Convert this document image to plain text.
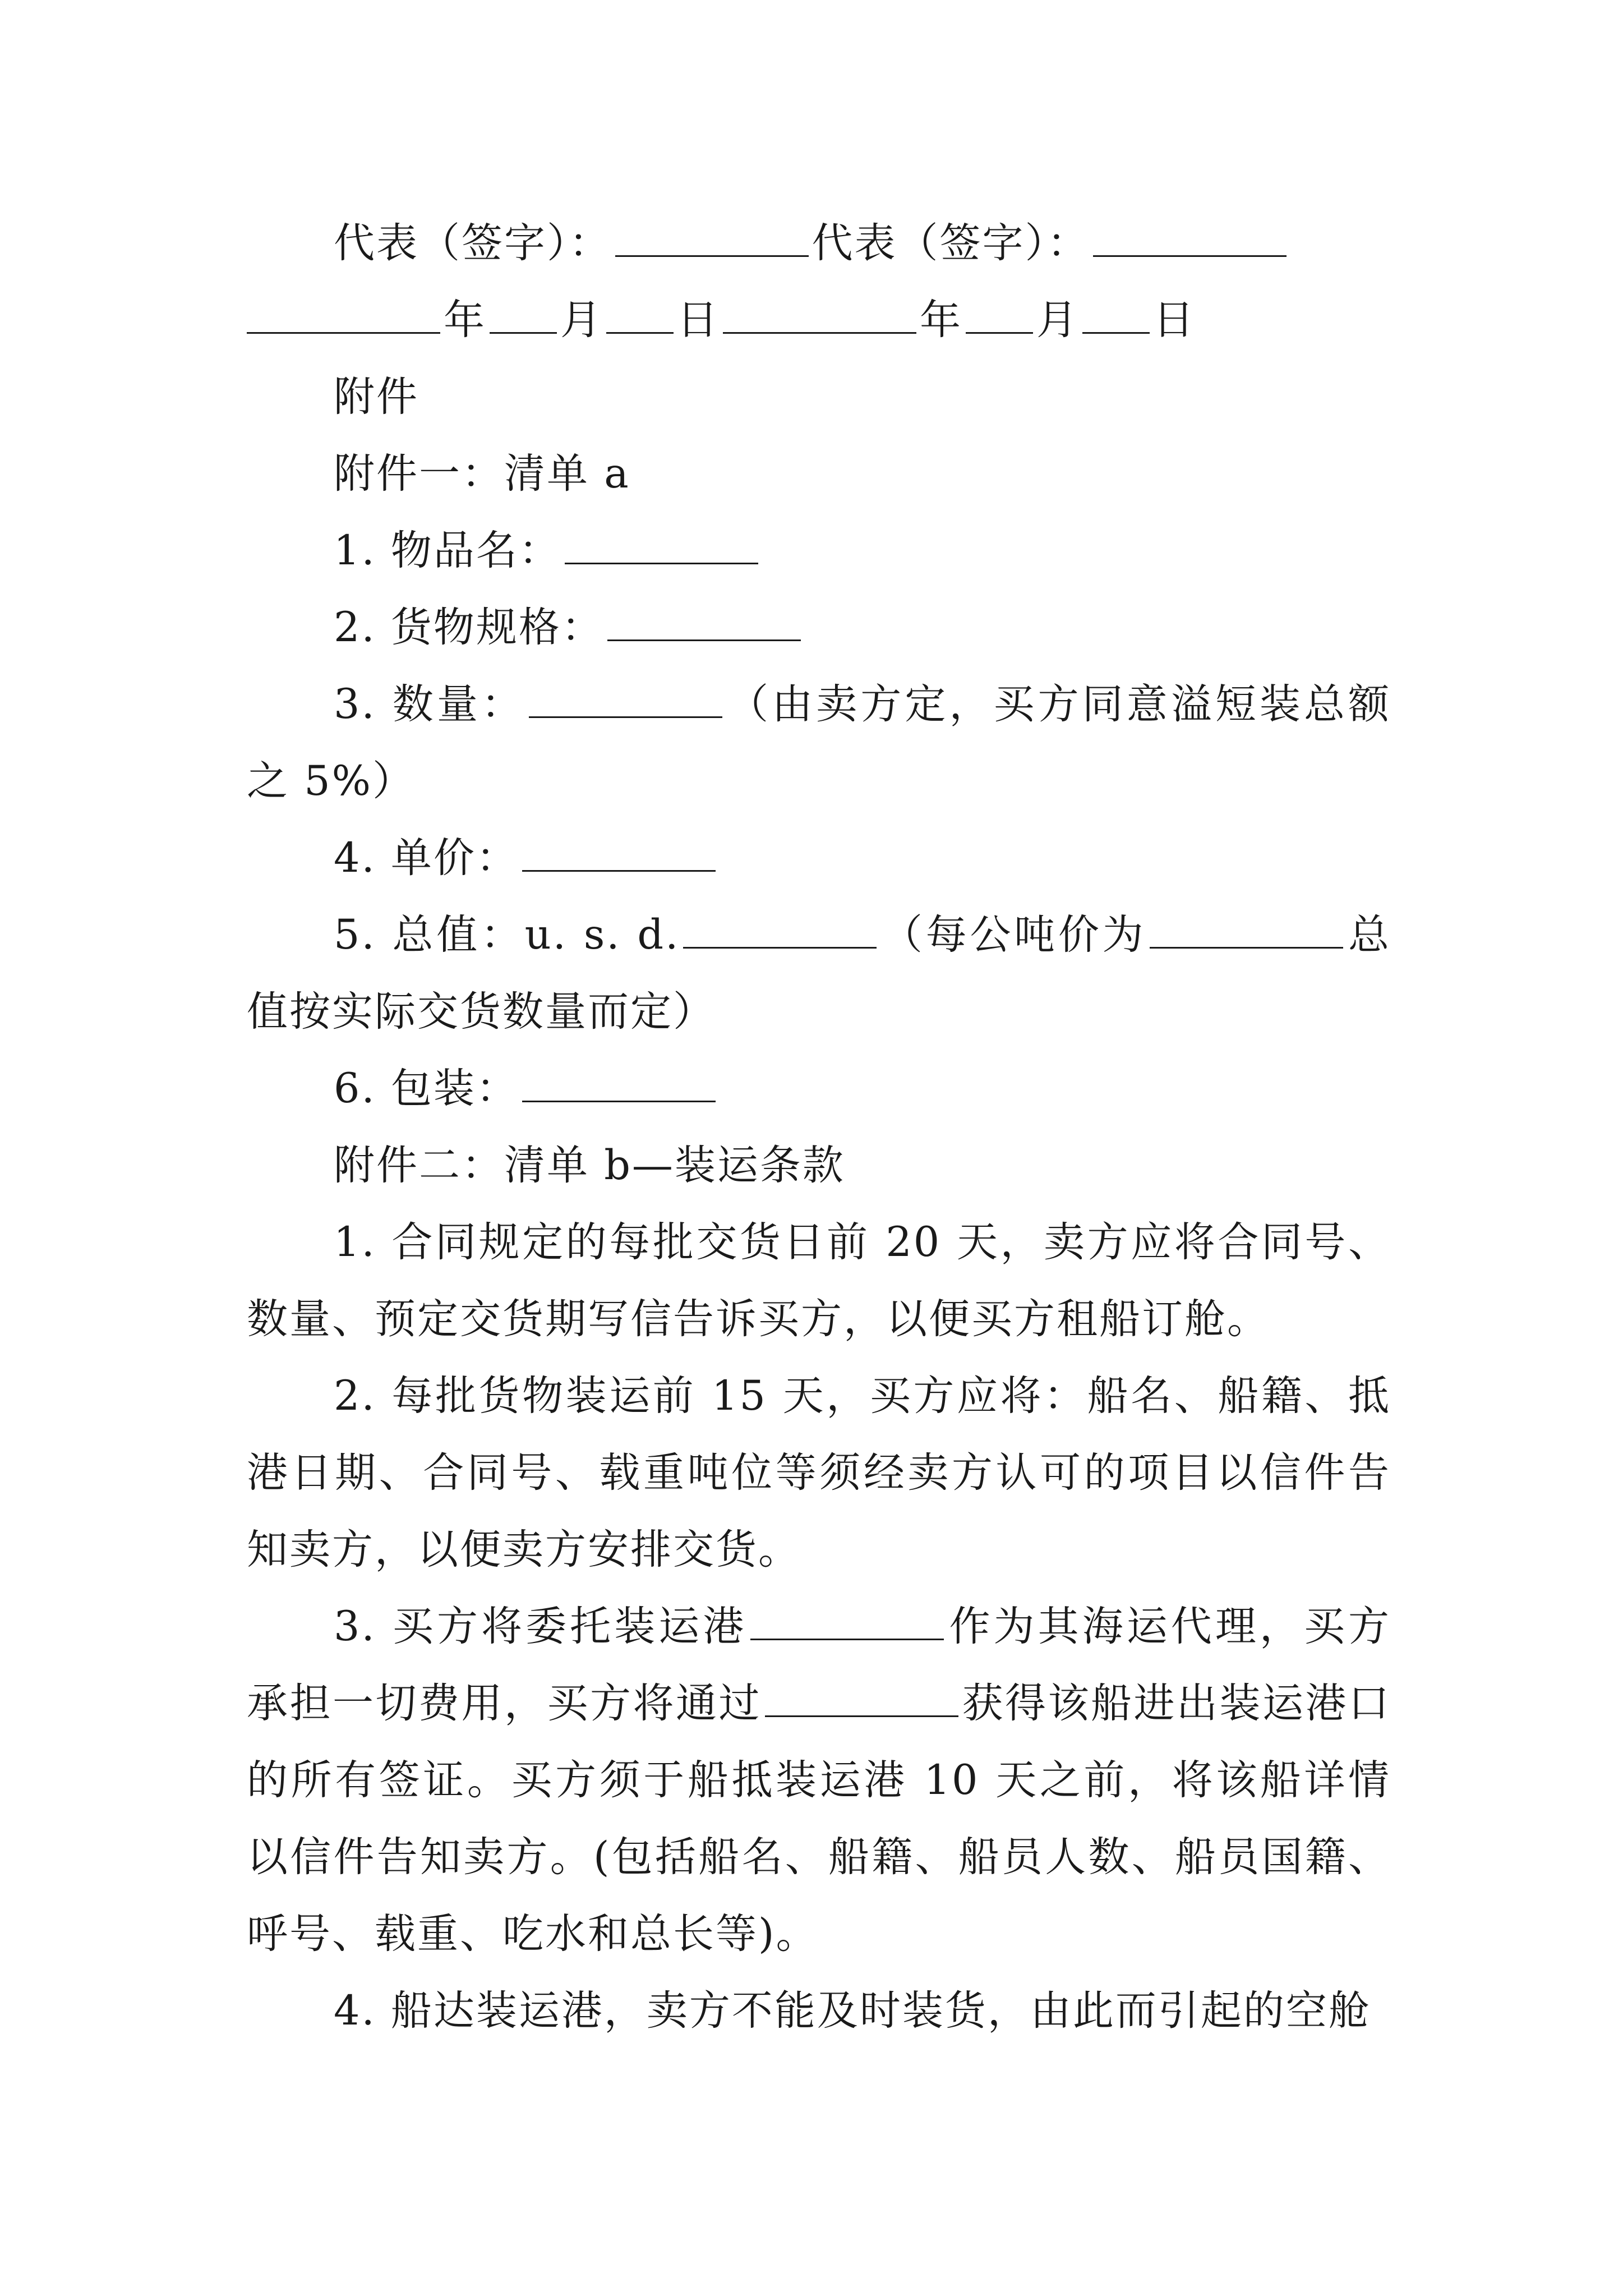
代表（签字）：	代表（签字）：

年 月 日	年 月 日

附件

附件一：清单 a

1. 物品名：

2. 货物规格：

3. 数量：	（由卖方定，买方同意溢短装总额之 5%）

4. 单价：

5. 总值：u. s. d.	（每公吨价为	总值按实际交货数量而定）

6. 包装：

附件二：清单 b—装运条款

1. 合同规定的每批交货日前 20 天，卖方应将合同号、数量、预定交货期写信告诉买方，以便买方租船订舱。

2. 每批货物装运前 15 天，买方应将：船名、船籍、抵港日期、合同号、载重吨位等须经卖方认可的项目以信件告知卖方，以便卖方安排交货。

3. 买方将委托装运港	作为其海运代理，买方承担一切费用，买方将通过	获得该船进出装运港口的所有签证。买方须于船抵装运港 10 天之前，将该船详情以信件告知卖方。(包括船名、船籍、船员人数、船员国籍、呼号、载重、吃水和总长等)。

4. 船达装运港，卖方不能及时装货，由此而引起的空舱
